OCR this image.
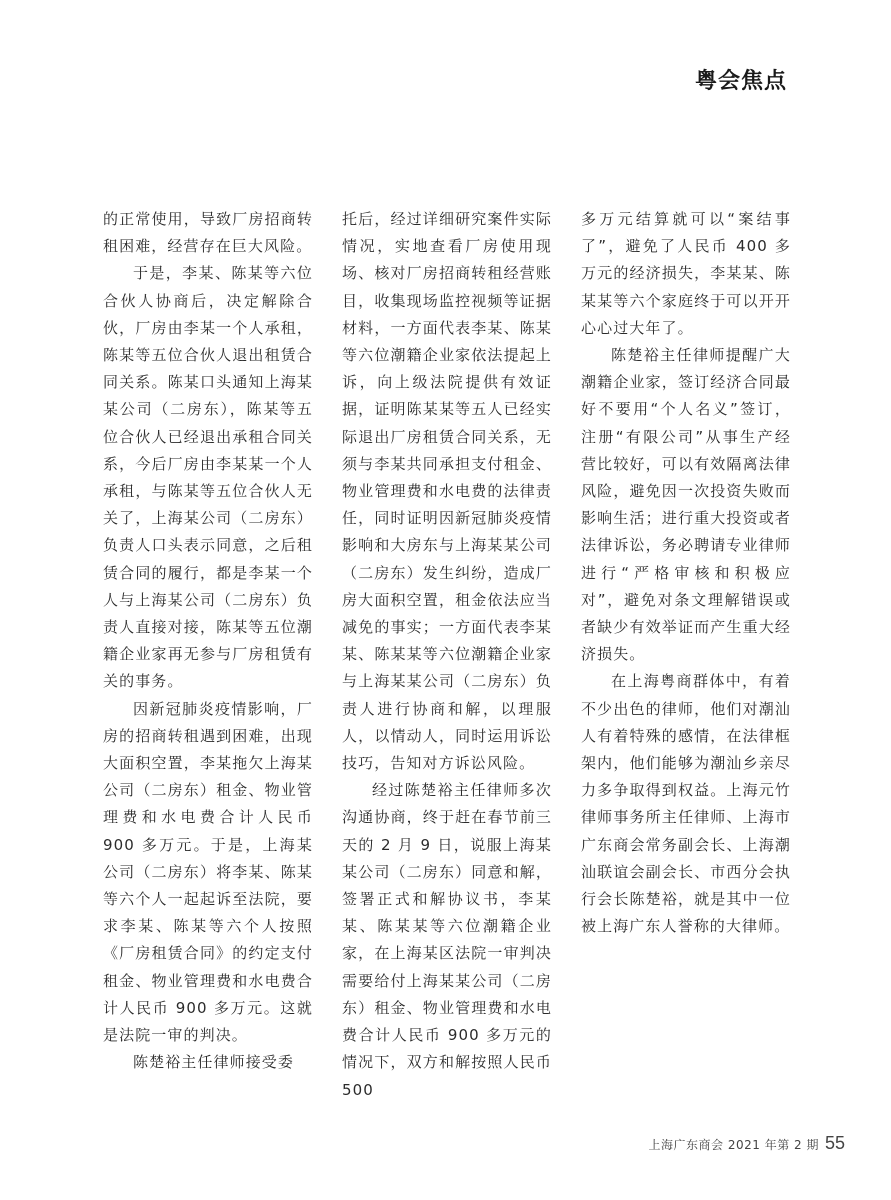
粤会焦点

的正常使用，导致厂房招商转租困难，经营存在巨大风险。

于是，李某、陈某等六位合伙人协商后，决定解除合伙，厂房由李某一个人承租，陈某等五位合伙人退出租赁合同关系。陈某口头通知上海某某公司（二房东），陈某等五位合伙人已经退出承租合同关系，今后厂房由李某某一个人承租，与陈某等五位合伙人无关了，上海某公司（二房东）负责人口头表示同意，之后租赁合同的履行，都是李某一个人与上海某公司（二房东）负责人直接对接，陈某等五位潮籍企业家再无参与厂房租赁有关的事务。

因新冠肺炎疫情影响，厂房的招商转租遇到困难，出现大面积空置，李某拖欠上海某公司（二房东）租金、物业管理费和水电费合计人民币 900 多万元。于是，上海某公司（二房东）将李某、陈某等六个人一起起诉至法院，要求李某、陈某等六个人按照《厂房租赁合同》的约定支付租金、物业管理费和水电费合计人民币 900 多万元。这就是法院一审的判决。

陈楚裕主任律师接受委

托后，经过详细研究案件实际情况，实地查看厂房使用现场、核对厂房招商转租经营账目，收集现场监控视频等证据材料，一方面代表李某、陈某等六位潮籍企业家依法提起上诉，向上级法院提供有效证据，证明陈某某等五人已经实际退出厂房租赁合同关系，无须与李某共同承担支付租金、物业管理费和水电费的法律责任，同时证明因新冠肺炎疫情影响和大房东与上海某某公司（二房东）发生纠纷，造成厂房大面积空置，租金依法应当减免的事实；一方面代表李某某、陈某某等六位潮籍企业家与上海某某公司（二房东）负责人进行协商和解，以理服人，以情动人，同时运用诉讼技巧，告知对方诉讼风险。

经过陈楚裕主任律师多次沟通协商，终于赶在春节前三天的 2 月 9 日，说服上海某某公司（二房东）同意和解，签署正式和解协议书，李某某、陈某某等六位潮籍企业家，在上海某区法院一审判决需要给付上海某某公司（二房东）租金、物业管理费和水电费合计人民币 900 多万元的情况下，双方和解按照人民币 500

多万元结算就可以“案结事了”，避免了人民币 400 多万元的经济损失，李某某、陈某某等六个家庭终于可以开开心心过大年了。

陈楚裕主任律师提醒广大潮籍企业家，签订经济合同最好不要用“个人名义”签订，注册“有限公司”从事生产经营比较好，可以有效隔离法律风险，避免因一次投资失败而影响生活；进行重大投资或者法律诉讼，务必聘请专业律师进行“严格审核和积极应对”，避免对条文理解错误或者缺少有效举证而产生重大经济损失。

在上海粤商群体中，有着不少出色的律师，他们对潮汕人有着特殊的感情，在法律框架内，他们能够为潮汕乡亲尽力多争取得到权益。上海元竹律师事务所主任律师、上海市广东商会常务副会长、上海潮汕联谊会副会长、市西分会执行会长陈楚裕，就是其中一位被上海广东人誉称的大律师。

上海广东商会 2021 年第 2 期 55
